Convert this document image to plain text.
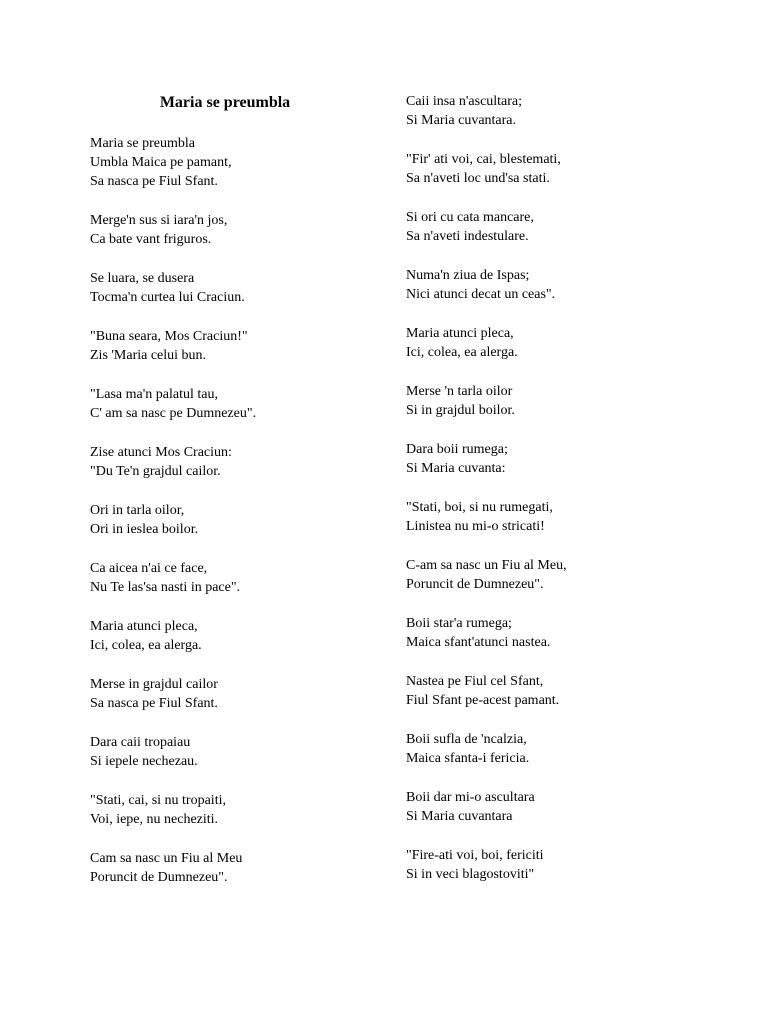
Maria se preumbla
Maria se preumbla
Umbla Maica pe pamant,
Sa nasca pe Fiul Sfant.
Merge'n sus si iara'n jos,
Ca bate vant friguros.
Se luara, se dusera
Tocma'n curtea lui Craciun.
"Buna seara, Mos Craciun!"
Zis 'Maria celui bun.
"Lasa ma'n palatul tau,
C' am sa nasc pe Dumnezeu".
Zise atunci Mos Craciun:
"Du Te'n grajdul cailor.
Ori in tarla oilor,
Ori in ieslea boilor.
Ca aicea n'ai ce face,
Nu Te las'sa nasti in pace".
Maria atunci pleca,
Ici, colea, ea alerga.
Merse in grajdul cailor
Sa nasca pe Fiul Sfant.
Dara caii tropaiau
Si iepele nechezau.
"Stati, cai, si nu tropaiti,
Voi, iepe, nu necheziti.
Cam sa nasc un Fiu al Meu
Poruncit de Dumnezeu".
Caii insa n'ascultara;
Si Maria cuvantara.
"Fir' ati voi, cai, blestemati,
Sa n'aveti loc und'sa stati.
Si ori cu cata mancare,
Sa n'aveti indestulare.
Numa'n ziua de Ispas;
Nici atunci decat un ceas".
Maria atunci pleca,
Ici, colea, ea alerga.
Merse 'n tarla oilor
Si in grajdul boilor.
Dara boii rumega;
Si Maria cuvanta:
"Stati, boi, si nu rumegati,
Linistea nu mi-o stricati!
C-am sa nasc un Fiu al Meu,
Poruncit de Dumnezeu".
Boii star'a rumega;
Maica sfant'atunci nastea.
Nastea pe Fiul cel Sfant,
Fiul Sfant pe-acest pamant.
Boii sufla de 'ncalzia,
Maica sfanta-i fericia.
Boii dar mi-o ascultara
Si Maria cuvantara
"Fire-ati voi, boi, fericiti
Si in veci blagostoviti"
